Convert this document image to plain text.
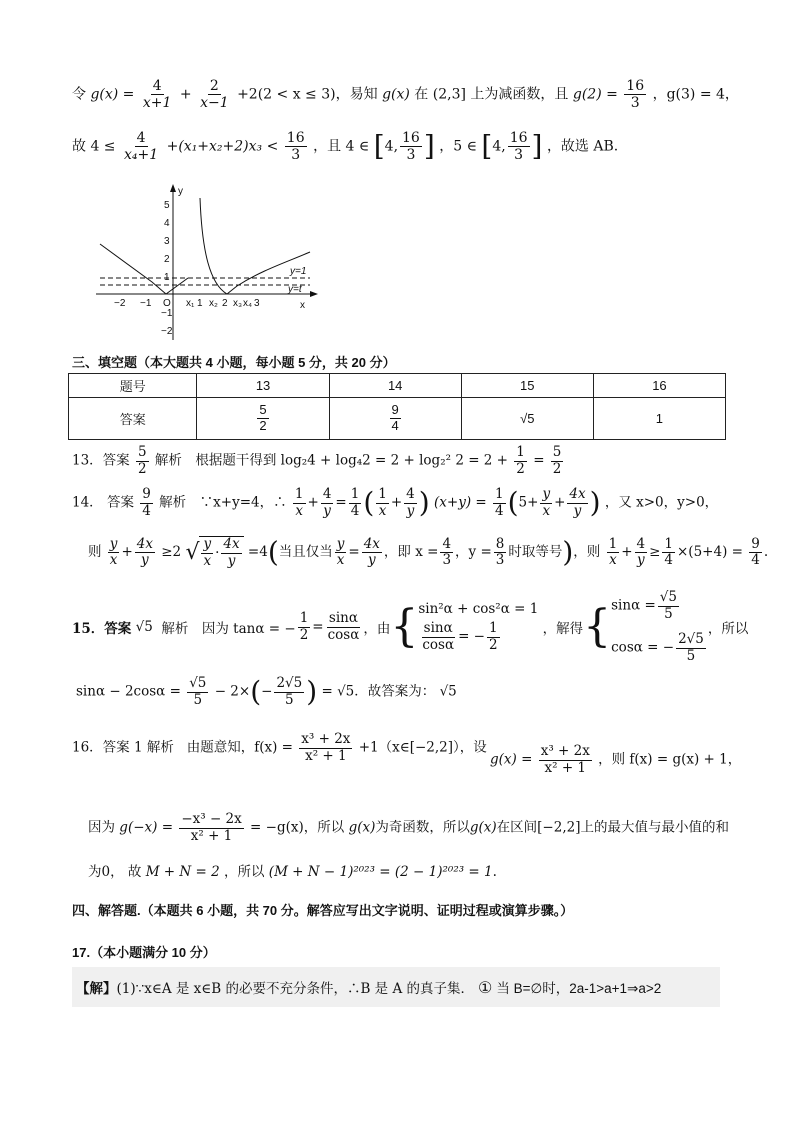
令 $g(x) = \frac{4}{x+1} + \frac{2}{x-1} +2(2 < x \le 3)$，易知 g(x) 在 (2,3] 上为减函数，且 $g(2) = \frac{16}{3}$ ，g(3) = 4，
故 $4 \le \frac{4}{\text{x₄+1}} +(x_1+x_2+2)x_3 < \frac{16}{3}$ ，且 4 ∈ [4, $\frac{16}{3}$ ] ，5 ∈ [4, $\frac{16}{3}$ ] ，故选 AB.
y
x
5
4
3
2
1
−1
−2
−2 −1 O x₁ 1 x₂ 2 x₃ x₄ 3
y=1
y=t
三、填空题（本大题共 4 小题，每小题 5 分，共 20 分）
题号	13	14	15	16
答案	$\frac{5}{2}$	$\frac{9}{4}$	√5	1
13．答案 $\frac{5}{2}$ 解析　根据题干得到 log₂4 + log₄2 = 2 + log₂² $2 = 2 + \frac{1}{2} = \frac{5}{2}$
14． 答案 $\frac{9}{4}$ 解析　∵x+y=4，∴ $\frac{1}{x} + \frac{4}{y} = \frac{1}{4}$ ( $\frac{1}{x} + \frac{4}{y}$ ) $(x+y) = \frac{1}{4} (5+ \frac{y}{x} + \frac{4x}{y}$ ) ，又 x>0，y>0，
则 $\frac{y}{x} + \frac{4x}{y} \ge 2$ √ $\frac{y}{x} \cdot \frac{4x}{y} =4$(当且仅当 $\frac{y}{x} = \frac{4x}{y}$ ，即 $x = \frac{4}{3}$ ，$y = \frac{8}{3}$ 时取等号)，则 $\frac{1}{x} + \frac{4}{y} \ge \frac{1}{4} \times(5+4) = \frac{9}{4}$ .
15．答案
√5
解析　因为 tanα = − $\frac{1}{2} = \frac{\sin\alpha}{\cos\alpha}$ ，由 { sin²α + cos²α = 1
$\frac{\sin\alpha}{\cos\alpha}$ = − $\frac{1}{2}$
	，解得 { $\sin\alpha = \frac{√5}{5}$
cosα = − $\frac{2√5}{5}$
，所以
$\sin\alpha - 2\cos\alpha = \frac{√5}{5} - 2\times(- \frac{2√5}{5}$ ) = √5．故答案为： √5
16．答案 1 解析 由题意知，$f(x) = \frac{\text{x³ + 2x}}{\text{x² + 1}}$ +1（x∈[−2,2]），设
$g(x) = \frac{\text{x³ + 2x}}{\text{x² + 1}}$ ，则 f(x) = g(x) + 1，
因为 $g(-x) = \frac{\text{−x³ − 2x}}{\text{x² + 1}} = -g(x)$，所以 g(x)为奇函数，所以g(x)在区间[−2,2]上的最大值与最小值的和
为0， 故 M + N = 2 ，所以 (M + N − 1)²⁰²³ = (2 − 1)²⁰²³ = 1.
四、解答题.（本题共 6 小题，共 70 分。解答应写出文字说明、证明过程或演算步骤。）
17.（本小题满分 10 分）
【解】 (1)∵x∈A 是 x∈B 的必要不充分条件，∴B 是 A 的真子集． ① 当 B=∅时，2a-1>a+1⇒a>2
